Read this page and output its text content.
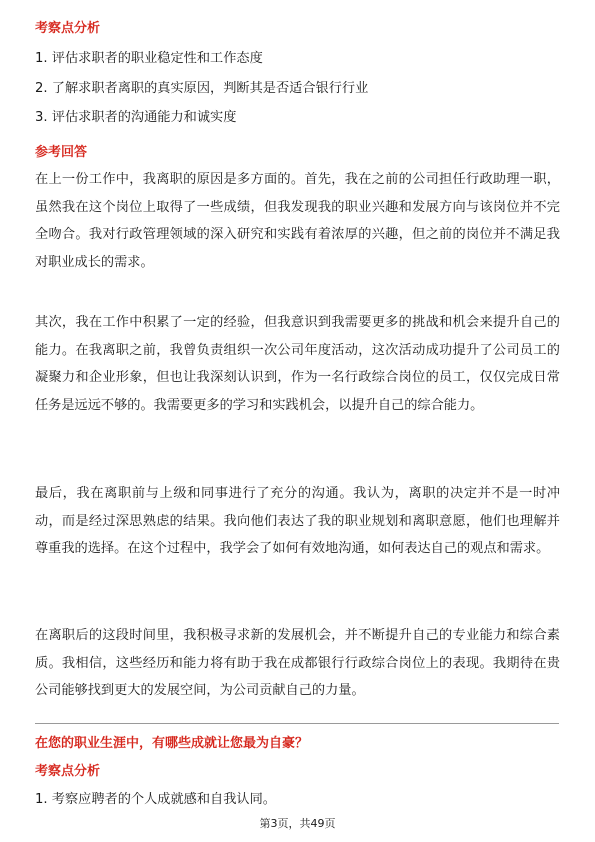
考察点分析
1. 评估求职者的职业稳定性和工作态度
2. 了解求职者离职的真实原因，判断其是否适合银行行业
3. 评估求职者的沟通能力和诚实度
参考回答

在上一份工作中，我离职的原因是多方面的。首先，我在之前的公司担任行政助理一职，虽然我在这个岗位上取得了一些成绩，但我发现我的职业兴趣和发展方向与该岗位并不完全吻合。我对行政管理领域的深入研究和实践有着浓厚的兴趣，但之前的岗位并不满足我对职业成长的需求。

其次，我在工作中积累了一定的经验，但我意识到我需要更多的挑战和机会来提升自己的能力。在我离职之前，我曾负责组织一次公司年度活动，这次活动成功提升了公司员工的凝聚力和企业形象，但也让我深刻认识到，作为一名行政综合岗位的员工，仅仅完成日常任务是远远不够的。我需要更多的学习和实践机会，以提升自己的综合能力。

最后，我在离职前与上级和同事进行了充分的沟通。我认为，离职的决定并不是一时冲动，而是经过深思熟虑的结果。我向他们表达了我的职业规划和离职意愿，他们也理解并尊重我的选择。在这个过程中，我学会了如何有效地沟通，如何表达自己的观点和需求。

在离职后的这段时间里，我积极寻求新的发展机会，并不断提升自己的专业能力和综合素质。我相信，这些经历和能力将有助于我在成都银行行政综合岗位上的表现。我期待在贵公司能够找到更大的发展空间，为公司贡献自己的力量。

在您的职业生涯中，有哪些成就让您最为自豪？
考察点分析
1. 考察应聘者的个人成就感和自我认同。
第3页，共49页
